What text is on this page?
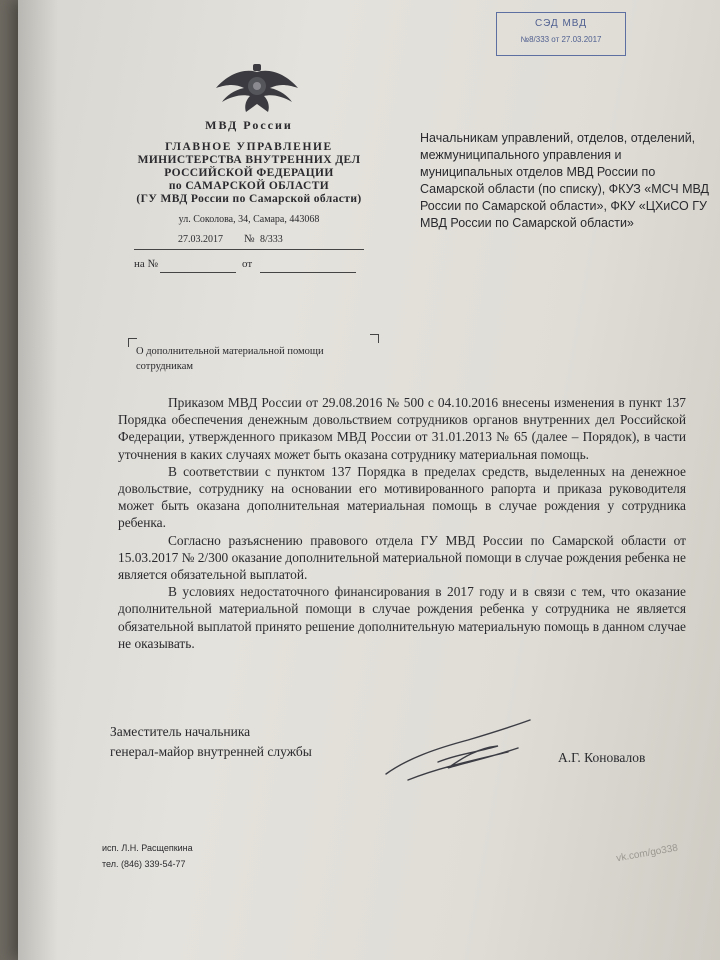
СЭД МВД
№8/333 от 27.03.2017
МВД России
ГЛАВНОЕ УПРАВЛЕНИЕ
МИНИСТЕРСТВА ВНУТРЕННИХ ДЕЛ
РОССИЙСКОЙ ФЕДЕРАЦИИ
по САМАРСКОЙ ОБЛАСТИ
(ГУ МВД России по Самарской области)
ул. Соколова, 34, Самара, 443068
27.03.2017 № 8/333
на №	от
Начальникам управлений, отделов, отделений, межмуниципального управления и муниципальных отделов МВД России по Самарской области (по списку), ФКУЗ «МСЧ МВД России по Самарской области», ФКУ «ЦХиСО ГУ МВД России по Самарской области»
О дополнительной материальной помощи сотрудникам

Приказом МВД России от 29.08.2016 № 500 с 04.10.2016 внесены изменения в пункт 137 Порядка обеспечения денежным довольствием сотрудников органов внутренних дел Российской Федерации, утвержденного приказом МВД России от 31.01.2013 № 65 (далее – Порядок), в части уточнения в каких случаях может быть оказана сотруднику материальная помощь.

В соответствии с пунктом 137 Порядка в пределах средств, выделенных на денежное довольствие, сотруднику на основании его мотивированного рапорта и приказа руководителя может быть оказана дополнительная материальная помощь в случае рождения у сотрудника ребенка.

Согласно разъяснению правового отдела ГУ МВД России по Самарской области от 15.03.2017 № 2/300 оказание дополнительной материальной помощи в случае рождения ребенка не является обязательной выплатой.

В условиях недостаточного финансирования в 2017 году и в связи с тем, что оказание дополнительной материальной помощи в случае рождения ребенка у сотрудника не является обязательной выплатой принято решение дополнительную материальную помощь в данном случае не оказывать.

Заместитель начальника
генерал-майор внутренней службы	А.Г. Коновалов
исп. Л.Н. Расщепкина
тел. (846) 339-54-77	vk.com/go338
